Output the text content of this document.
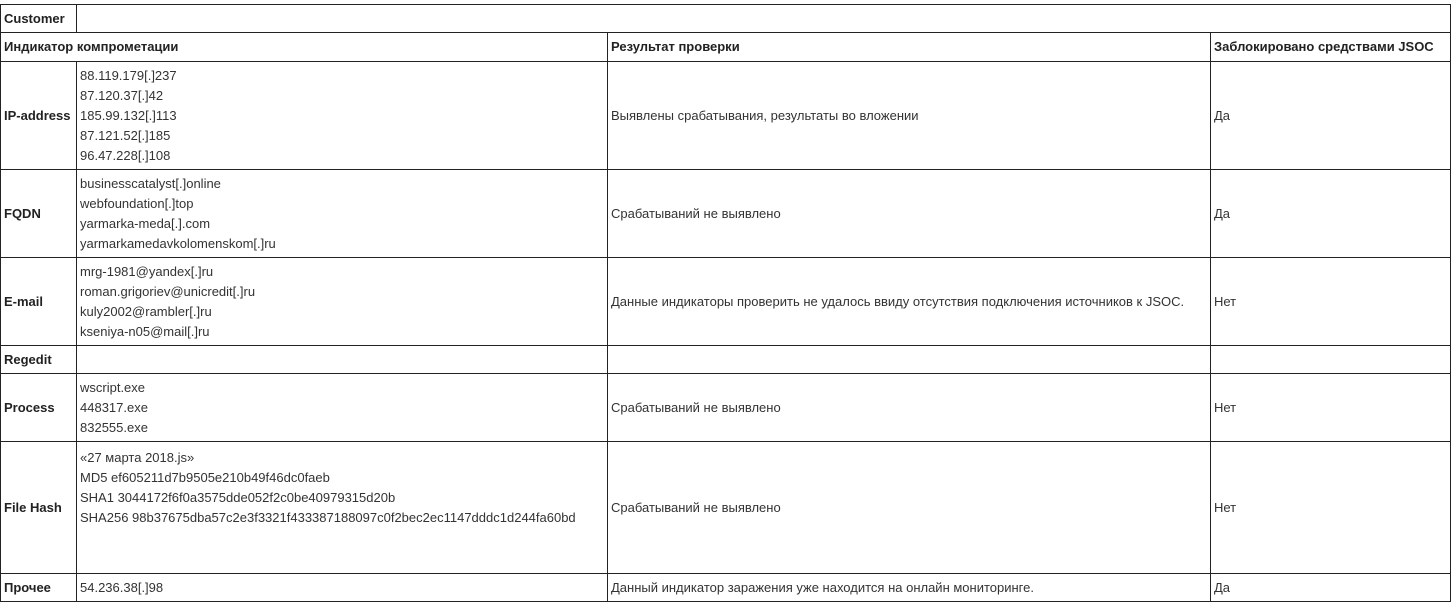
Customer			
Индикатор компрометации		Результат проверки	Заблокировано средствами JSOC
IP-address	88.119.179[.]237
87.120.37[.]42
185.99.132[.]113
87.121.52[.]185
96.47.228[.]108	Выявлены срабатывания, результаты во вложении	Да
FQDN	businesscatalyst[.]online
webfoundation[.]top
yarmarka-meda[.].com
yarmarkamedavkolomenskom[.]ru	Срабатываний не выявлено	Да
E-mail	mrg-1981@yandex[.]ru
roman.grigoriev@unicredit[.]ru
kuly2002@rambler[.]ru
kseniya-n05@mail[.]ru	Данные индикаторы проверить не удалось ввиду отсутствия подключения источников к JSOC.	Нет
Regedit			
Process	wscript.exe
448317.exe
832555.exe	Срабатываний не выявлено	Нет
File Hash	«27 марта 2018.js»
MD5 ef605211d7b9505e210b49f46dc0faeb
SHA1 3044172f6f0a3575dde052f2c0be40979315d20b
SHA256 98b37675dba57c2e3f3321f433387188097c0f2bec2ec1147dddc1d244fa60bd	Срабатываний не выявлено	Нет
Прочее	54.236.38[.]98	Данный индикатор заражения уже находится на онлайн мониторинге.	Да
